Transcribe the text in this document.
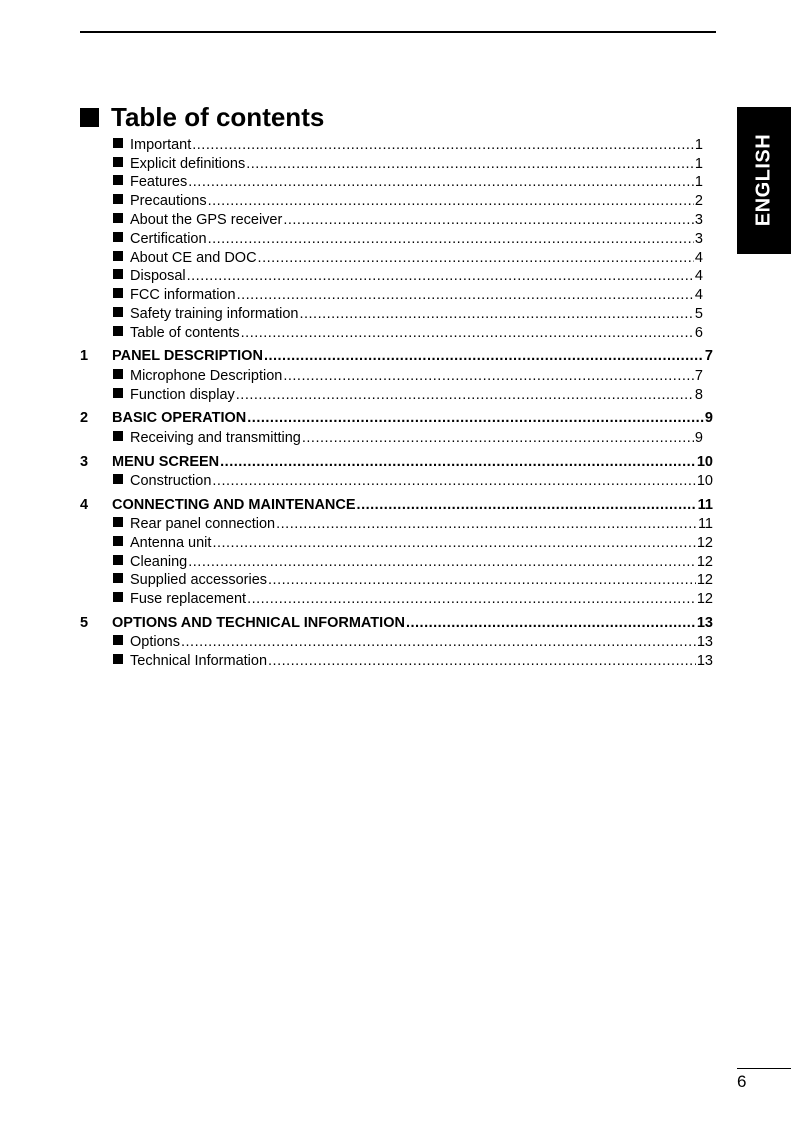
Table of contents
ENGLISH
Important .....	1
Explicit definitions .....	1
Features .....	1
Precautions .....	2
About the GPS receiver .....	3
Certification .....	3
About CE and DOC .....	4
Disposal .....	4
FCC information .....	4
Safety training information .....	5
Table of contents .....	6
1	PANEL DESCRIPTION .....	7
Microphone Description .....	7
Function display .....	8
2	BASIC OPERATION .....	9
Receiving and transmitting .....	9
3	MENU SCREEN .....	10
Construction .....	10
4	CONNECTING AND MAINTENANCE .....	11
Rear panel connection .....	11
Antenna unit .....	12
Cleaning .....	12
Supplied accessories .....	12
Fuse replacement .....	12
5	OPTIONS AND TECHNICAL INFORMATION .....	13
Options .....	13
Technical Information .....	13
6
